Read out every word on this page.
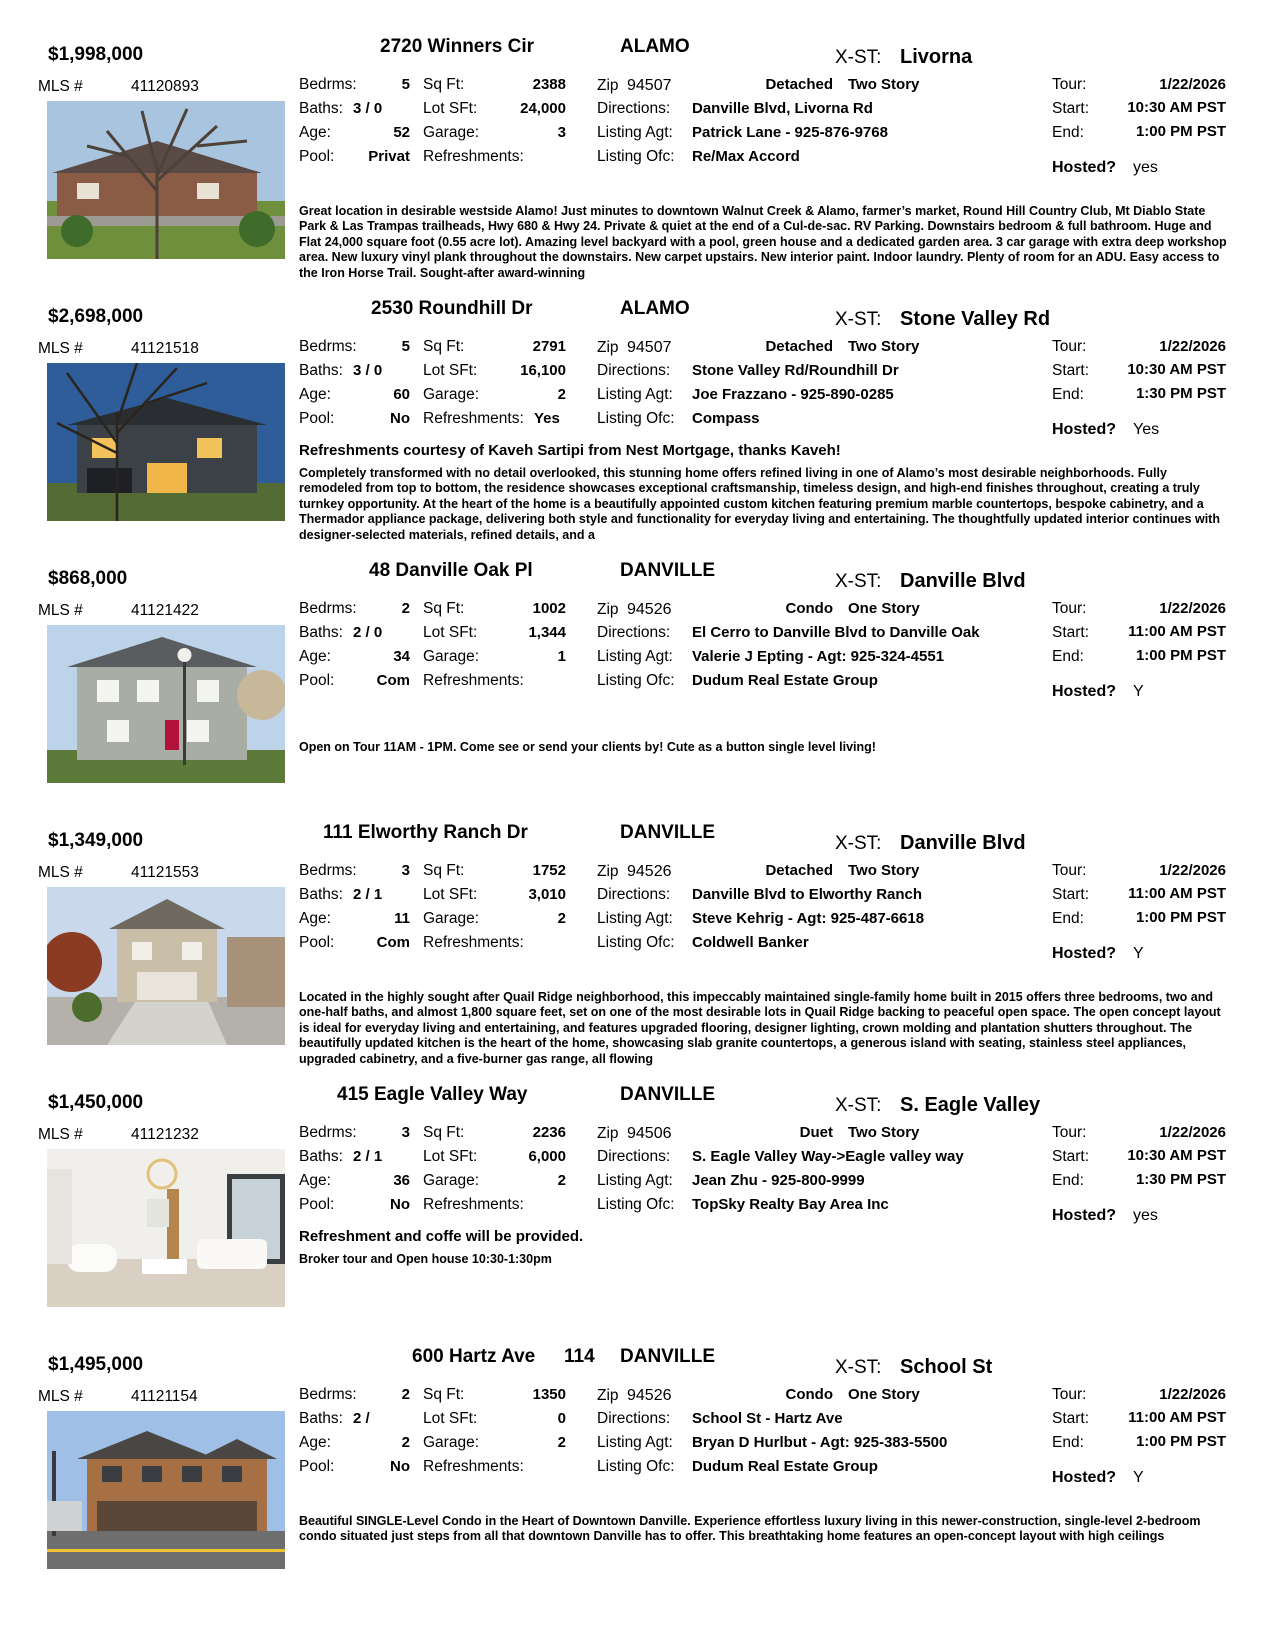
$1,998,000	2720 Winners Cir	ALAMO
X-ST: Livorna
MLS #	41120893	Bedrms:	5
Baths: 3 / 0
Age:	52
Pool: Privat
Sq Ft:	2388
Lot SFt:	24,000
Garage:	3
Refreshments:
Zip 94507	Detached Two Story
Directions: Danville Blvd, Livorna Rd
Listing Agt: Patrick Lane - 925-876-9768
Listing Ofc: Re/Max Accord
Tour:	1/22/2026
Start:	10:30 AM PST
End:	1:00 PM PST
Hosted? yes
Great location in desirable westside Alamo! Just minutes to downtown Walnut Creek & Alamo, farmer’s market, Round Hill Country Club, Mt Diablo State Park & Las Trampas trailheads, Hwy 680 & Hwy 24. Private & quiet at the end of a Cul-de-sac. RV Parking. Downstairs bedroom & full bathroom. Huge and Flat 24,000 square foot (0.55 acre lot). Amazing level backyard with a pool, green house and a dedicated garden area. 3 car garage with extra deep workshop area. New luxury vinyl plank throughout the downstairs. New carpet upstairs. New interior paint. Indoor laundry. Plenty of room for an ADU. Easy access to the Iron Horse Trail. Sought-after award-winning
$2,698,000	2530 Roundhill Dr	ALAMO
X-ST: Stone Valley Rd
MLS #	41121518	Bedrms:	5
Baths: 3 / 0
Age:	60
Pool:	No
Sq Ft:	2791
Lot SFt:	16,100
Garage:	2
Refreshments: Yes
Zip 94507	Detached Two Story
Directions: Stone Valley Rd/Roundhill Dr
Listing Agt: Joe Frazzano - 925-890-0285
Listing Ofc: Compass
Tour:	1/22/2026
Start:	10:30 AM PST
End:	1:30 PM PST
Hosted? Yes
Refreshments courtesy of Kaveh Sartipi from Nest Mortgage, thanks Kaveh!
Completely transformed with no detail overlooked, this stunning home offers refined living in one of Alamo’s most desirable neighborhoods. Fully remodeled from top to bottom, the residence showcases exceptional craftsmanship, timeless design, and high-end finishes throughout, creating a truly turnkey opportunity. At the heart of the home is a beautifully appointed custom kitchen featuring premium marble countertops, bespoke cabinetry, and a Thermador appliance package, delivering both style and functionality for everyday living and entertaining. The thoughtfully updated interior continues with designer-selected materials, refined details, and a
$868,000	48 Danville Oak Pl	DANVILLE
X-ST: Danville Blvd
MLS #	41121422	Bedrms:	2
Baths: 2 / 0
Age:	34
Pool:	Com
Sq Ft:	1002
Lot SFt:	1,344
Garage:	1
Refreshments:
Zip 94526	Condo One Story
Directions: El Cerro to Danville Blvd to Danville Oak
Listing Agt: Valerie J Epting - Agt: 925-324-4551
Listing Ofc: Dudum Real Estate Group
Tour:	1/22/2026
Start:	11:00 AM PST
End:	1:00 PM PST
Hosted? Y
Open on Tour 11AM - 1PM. Come see or send your clients by! Cute as a button single level living!
$1,349,000	111 Elworthy Ranch Dr	DANVILLE
X-ST: Danville Blvd
MLS #	41121553	Bedrms:	3
Baths: 2 / 1
Age:	11
Pool:	Com
Sq Ft:	1752
Lot SFt:	3,010
Garage:	2
Refreshments:
Zip 94526	Detached Two Story
Directions: Danville Blvd to Elworthy Ranch
Listing Agt: Steve Kehrig - Agt: 925-487-6618
Listing Ofc: Coldwell Banker
Tour:	1/22/2026
Start:	11:00 AM PST
End:	1:00 PM PST
Hosted? Y
Located in the highly sought after Quail Ridge neighborhood, this impeccably maintained single-family home built in 2015 offers three bedrooms, two and one-half baths, and almost 1,800 square feet, set on one of the most desirable lots in Quail Ridge backing to peaceful open space. The open concept layout is ideal for everyday living and entertaining, and features upgraded flooring, designer lighting, crown molding and plantation shutters throughout. The beautifully updated kitchen is the heart of the home, showcasing slab granite countertops, a generous island with seating, stainless steel appliances, upgraded cabinetry, and a five-burner gas range, all flowing
$1,450,000	415 Eagle Valley Way	DANVILLE
X-ST: S. Eagle Valley
MLS #	41121232	Bedrms:	3
Baths: 2 / 1
Age:	36
Pool:	No
Sq Ft:	2236
Lot SFt:	6,000
Garage:	2
Refreshments:
Zip 94506	Duet Two Story
Directions: S. Eagle Valley Way->Eagle valley way
Listing Agt: Jean Zhu - 925-800-9999
Listing Ofc: TopSky Realty Bay Area Inc
Tour:	1/22/2026
Start:	10:30 AM PST
End:	1:30 PM PST
Hosted? yes
Refreshment and coffe will be provided.
Broker tour and Open house 10:30-1:30pm
$1,495,000	600 Hartz Ave 114 DANVILLE
X-ST: School St
MLS #	41121154	Bedrms:	2
Baths: 2 /
Age:	2
Pool:	No
Sq Ft:	1350
Lot SFt:	0
Garage:	2
Refreshments:
Zip 94526	Condo One Story
Directions: School St - Hartz Ave
Listing Agt: Bryan D Hurlbut - Agt: 925-383-5500
Listing Ofc: Dudum Real Estate Group
Tour:	1/22/2026
Start:	11:00 AM PST
End:	1:00 PM PST
Hosted? Y
Beautiful SINGLE-Level Condo in the Heart of Downtown Danville. Experience effortless luxury living in this newer-construction, single-level 2-bedroom condo situated just steps from all that downtown Danville has to offer. This breathtaking home features an open-concept layout with high ceilings
